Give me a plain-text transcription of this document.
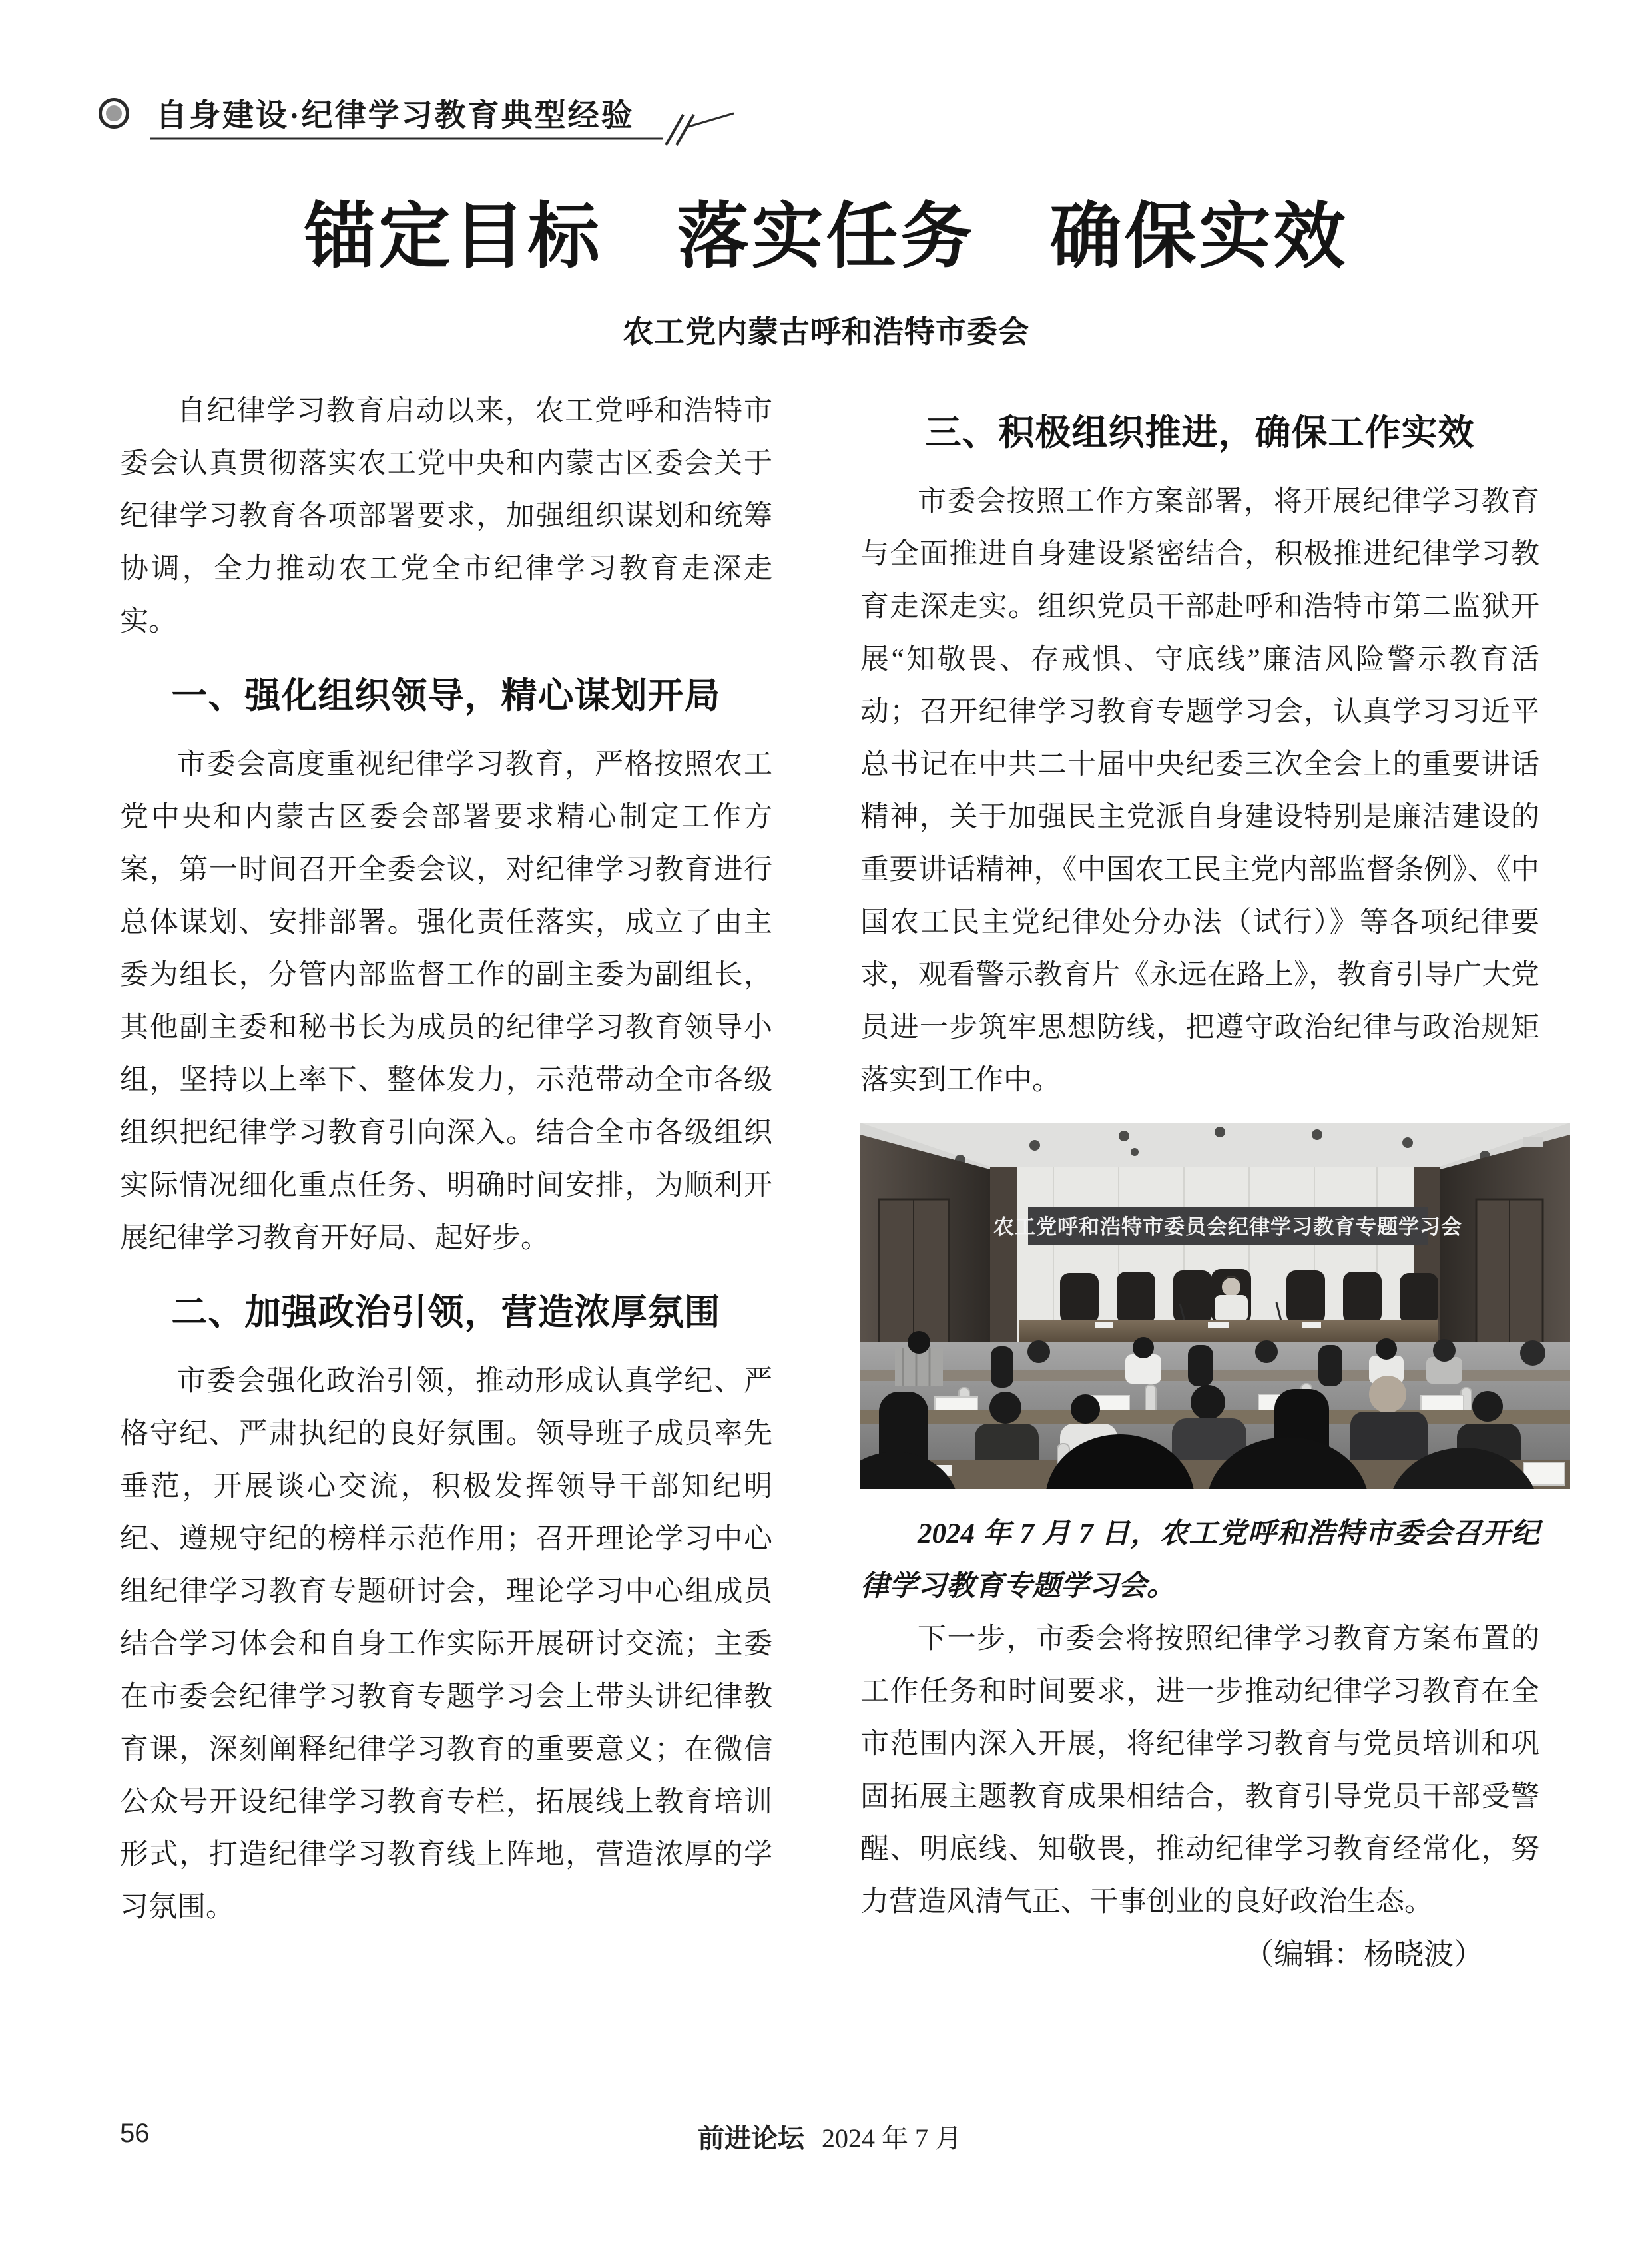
自身建设·纪律学习教育典型经验
锚定目标　落实任务　确保实效
农工党内蒙古呼和浩特市委会

自纪律学习教育启动以来，农工党呼和浩特市委会认真贯彻落实农工党中央和内蒙古区委会关于纪律学习教育各项部署要求，加强组织谋划和统筹协调，全力推动农工党全市纪律学习教育走深走实。

一、强化组织领导，精心谋划开局

市委会高度重视纪律学习教育，严格按照农工党中央和内蒙古区委会部署要求精心制定工作方案，第一时间召开全委会议，对纪律学习教育进行总体谋划、安排部署。强化责任落实，成立了由主委为组长，分管内部监督工作的副主委为副组长，其他副主委和秘书长为成员的纪律学习教育领导小组，坚持以上率下、整体发力，示范带动全市各级组织把纪律学习教育引向深入。结合全市各级组织实际情况细化重点任务、明确时间安排，为顺利开展纪律学习教育开好局、起好步。

二、加强政治引领，营造浓厚氛围

市委会强化政治引领，推动形成认真学纪、严格守纪、严肃执纪的良好氛围。领导班子成员率先垂范，开展谈心交流，积极发挥领导干部知纪明纪、遵规守纪的榜样示范作用；召开理论学习中心组纪律学习教育专题研讨会，理论学习中心组成员结合学习体会和自身工作实际开展研讨交流；主委在市委会纪律学习教育专题学习会上带头讲纪律教育课，深刻阐释纪律学习教育的重要意义；在微信公众号开设纪律学习教育专栏，拓展线上教育培训形式，打造纪律学习教育线上阵地，营造浓厚的学习氛围。

三、积极组织推进，确保工作实效

市委会按照工作方案部署，将开展纪律学习教育与全面推进自身建设紧密结合，积极推进纪律学习教育走深走实。组织党员干部赴呼和浩特市第二监狱开展“知敬畏、存戒惧、守底线”廉洁风险警示教育活动；召开纪律学习教育专题学习会，认真学习习近平总书记在中共二十届中央纪委三次全会上的重要讲话精神，关于加强民主党派自身建设特别是廉洁建设的重要讲话精神，《中国农工民主党内部监督条例》、《中国农工民主党纪律处分办法（试行）》等各项纪律要求，观看警示教育片《永远在路上》，教育引导广大党员进一步筑牢思想防线，把遵守政治纪律与政治规矩落实到工作中。

农工党呼和浩特市委员会纪律学习教育专题学习会

2024 年 7 月 7 日，农工党呼和浩特市委会召开纪律学习教育专题学习会。

下一步，市委会将按照纪律学习教育方案布置的工作任务和时间要求，进一步推动纪律学习教育在全市范围内深入开展，将纪律学习教育与党员培训和巩固拓展主题教育成果相结合，教育引导党员干部受警醒、明底线、知敬畏，推动纪律学习教育经常化，努力营造风清气正、干事创业的良好政治生态。

（编辑：杨晓波）

56	前进论坛 2024 年 7 月
